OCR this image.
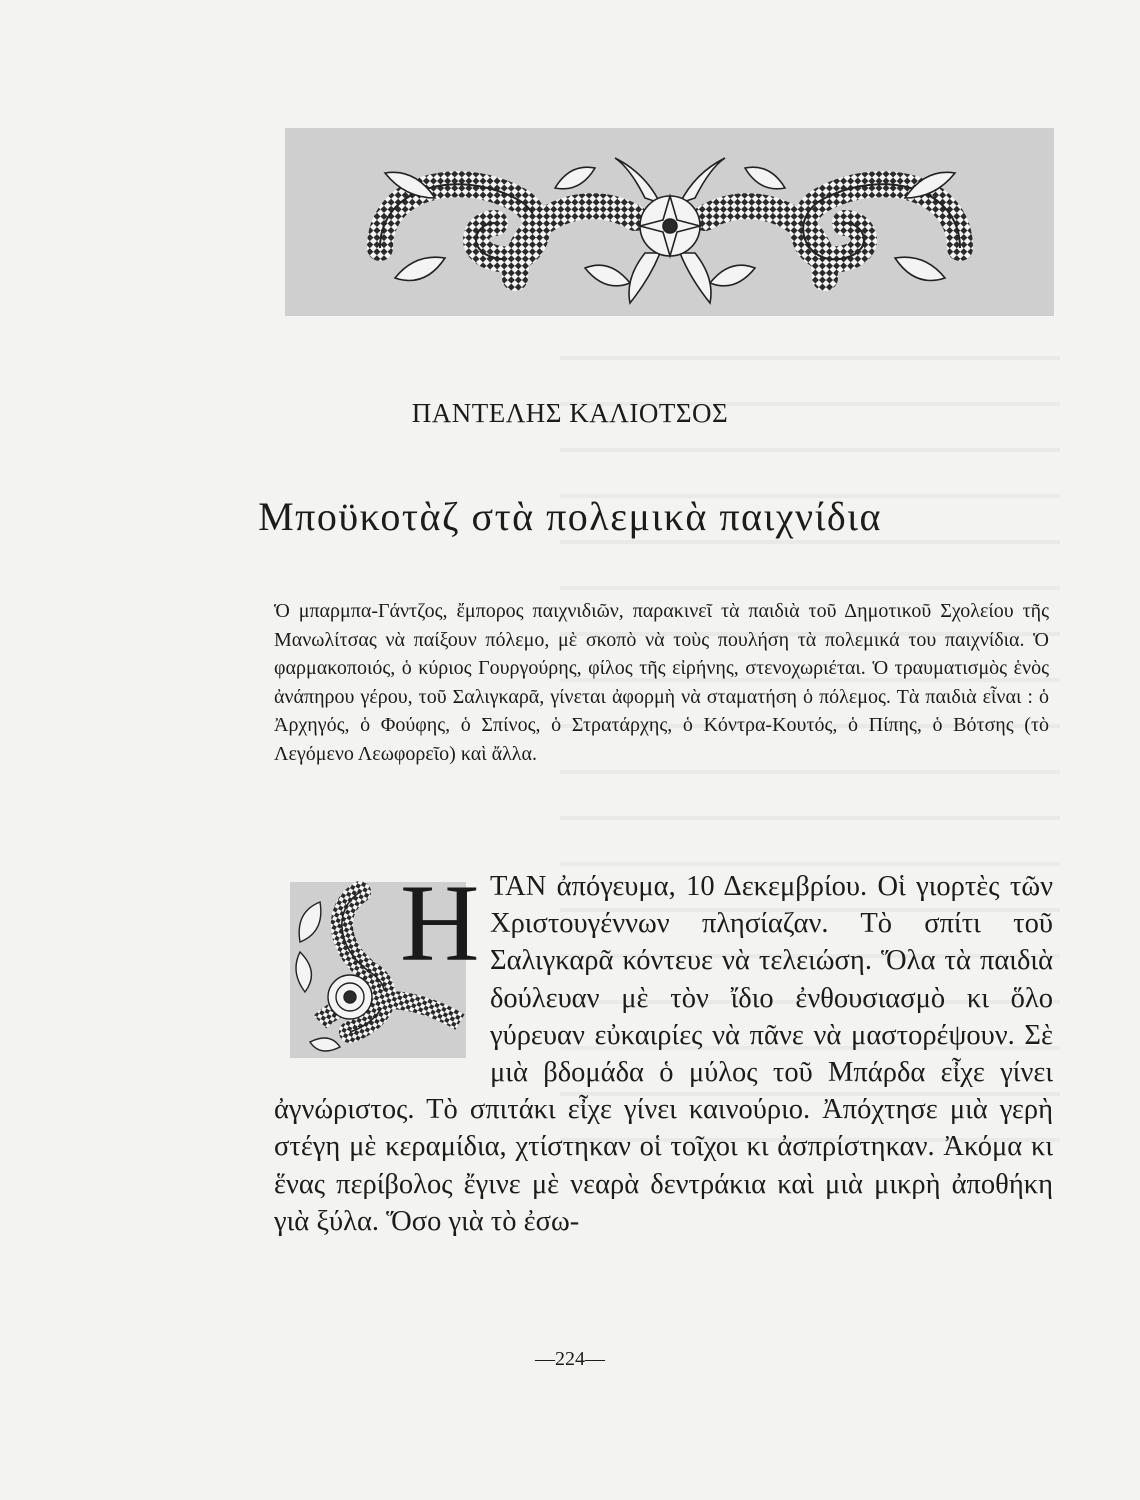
ΠΑΝΤΕΛΗΣ ΚΑΛΙΟΤΣΟΣ
Μποϋκοτὰζ στὰ πολεμικὰ παιχνίδια

Ὁ μπαρμπα-Γάντζος, ἔμπορος παιχνιδιῶν, παρακινεῖ τὰ παιδιὰ τοῦ Δημοτικοῦ Σχολείου τῆς Μανωλίτσας νὰ παίξουν πόλεμο, μὲ σκοπὸ νὰ τοὺς πουλήση τὰ πολεμικά του παιχνίδια. Ὁ φαρμακοποιός, ὁ κύριος Γουργούρης, φίλος τῆς εἰρήνης, στενοχωριέται. Ὁ τραυματισμὸς ἑνὸς ἀνάπηρου γέρου, τοῦ Σαλιγκαρᾶ, γίνεται ἀφορμὴ νὰ σταματήση ὁ πόλεμος. Τὰ παιδιὰ εἶναι : ὁ Ἀρχηγός, ὁ Φούφης, ὁ Σπίνος, ὁ Στρατάρχης, ὁ Κόντρα-Κουτός, ὁ Πίπης, ὁ Βότσης (τὸ Λεγόμενο Λεωφορεῖο) καὶ ἄλλα.

Η ΤΑΝ ἀπόγευμα, 10 Δεκεμβρίου. Οἱ γιορτὲς τῶν Χριστουγέννων πλησίαζαν. Τὸ σπίτι τοῦ Σαλιγκαρᾶ κόντευε νὰ τελειώση. Ὅλα τὰ παιδιὰ δούλευαν μὲ τὸν ἴδιο ἐνθουσιασμὸ κι ὅλο γύρευαν εὐκαιρίες νὰ πᾶνε νὰ μαστορέψουν. Σὲ μιὰ βδομάδα ὁ μύλος τοῦ Μπάρδα εἶχε γίνει ἀγνώριστος. Τὸ σπιτάκι εἶχε γίνει καινούριο. Ἀπόχτησε μιὰ γερὴ στέγη μὲ κεραμίδια, χτίστηκαν οἱ τοῖχοι κι ἀσπρίστηκαν. Ἀκόμα κι ἕνας περίβολος ἔγινε μὲ νεαρὰ δεντράκια καὶ μιὰ μικρὴ ἀποθήκη γιὰ ξύλα. Ὅσο γιὰ τὸ ἐσω-

—224—
